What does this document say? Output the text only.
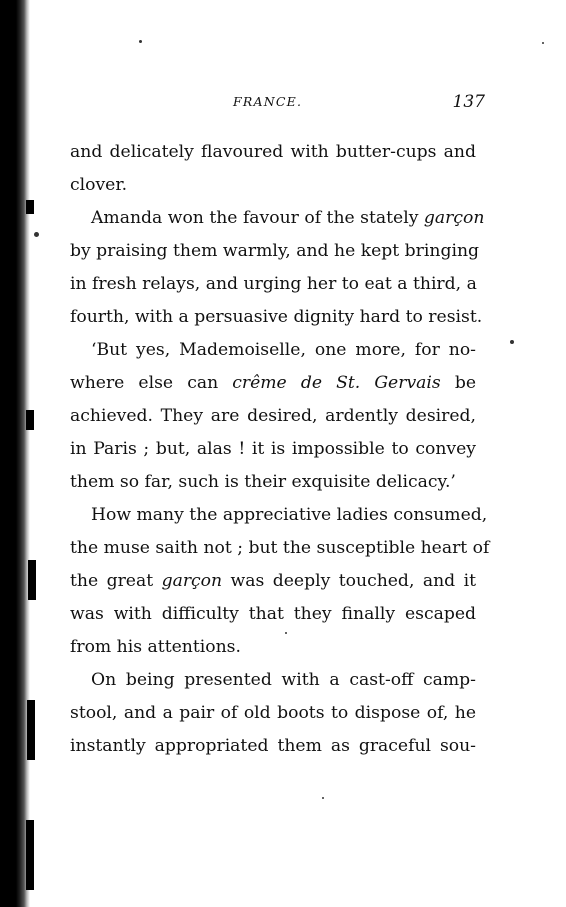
FRANCE.	137
and delicately flavoured with butter-cups and
clover.
Amanda won the favour of the stately garçon
by praising them warmly, and he kept bringing
in fresh relays, and urging her to eat a third, a
fourth, with a persuasive dignity hard to resist.
‘But yes, Mademoiselle, one more, for no-
where else can crême de St. Gervais be
achieved. They are desired, ardently desired,
in Paris ; but, alas ! it is impossible to convey
them so far, such is their exquisite delicacy.’
How many the appreciative ladies consumed,
the muse saith not ; but the susceptible heart of
the great garçon was deeply touched, and it
was with difficulty that they finally escaped
from his attentions.
On being presented with a cast-off camp-
stool, and a pair of old boots to dispose of, he
instantly appropriated them as graceful sou-
